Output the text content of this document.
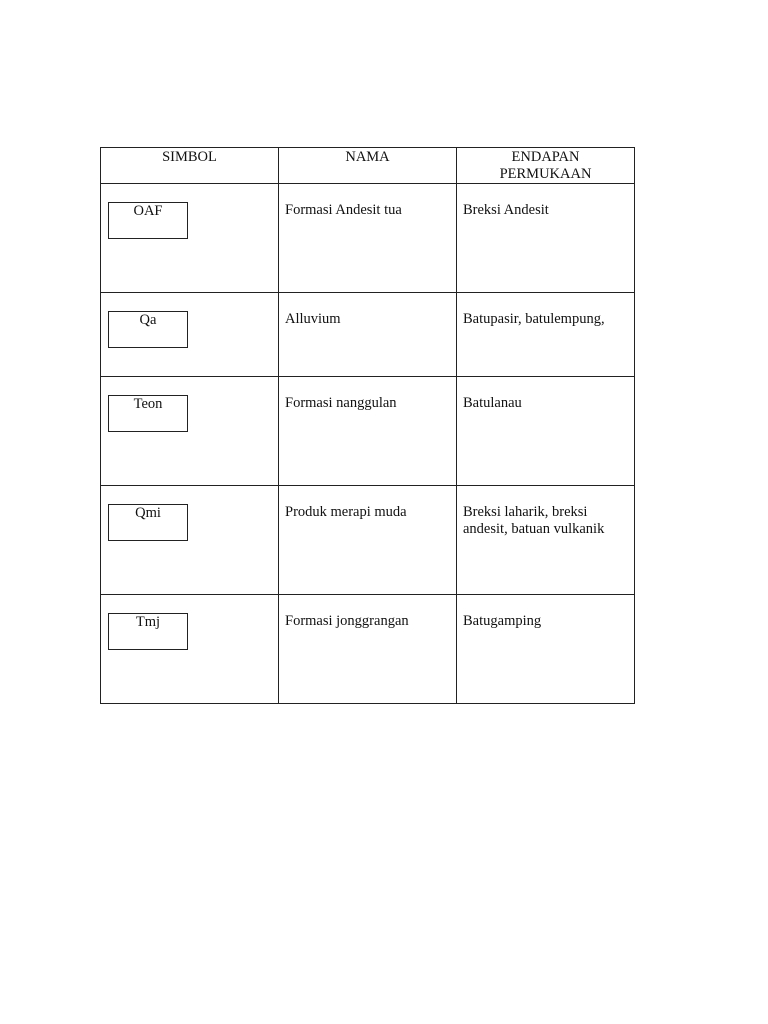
SIMBOL	NAMA	ENDAPAN
PERMUKAAN

OAF	Formasi Andesit tua	Breksi Andesit

Qa	Alluvium	Batupasir, batulempung,

Teon	Formasi nanggulan	Batulanau

Qmi	Produk merapi muda	Breksi laharik, breksi andesit, batuan vulkanik

Tmj	Formasi jonggrangan	Batugamping
